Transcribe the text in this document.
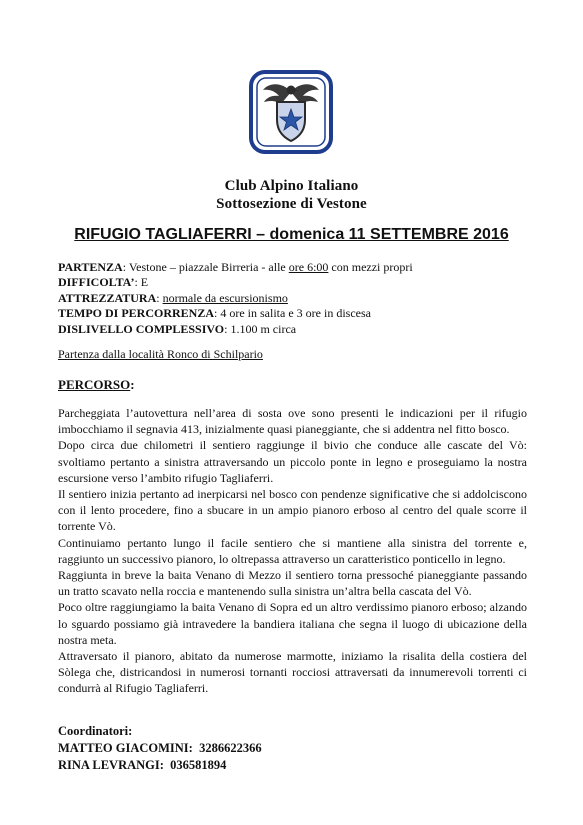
Club Alpino Italiano
Sottosezione di Vestone
RIFUGIO TAGLIAFERRI – domenica 11 SETTEMBRE 2016
PARTENZA: Vestone – piazzale Birreria - alle ore 6:00 con mezzi propri
DIFFICOLTA’: E
ATTREZZATURA: normale da escursionismo
TEMPO DI PERCORRENZA: 4 ore in salita e 3 ore in discesa
DISLIVELLO COMPLESSIVO: 1.100 m circa
Partenza dalla località Ronco di Schilpario
PERCORSO:

Parcheggiata l’autovettura nell’area di sosta ove sono presenti le indicazioni per il rifugio imbocchiamo il segnavia 413, inizialmente quasi pianeggiante, che si addentra nel fitto bosco.

Dopo circa due chilometri il sentiero raggiunge il bivio che conduce alle cascate del Vò: svoltiamo pertanto a sinistra attraversando un piccolo ponte in legno e proseguiamo la nostra escursione verso l’ambito rifugio Tagliaferri.

Il sentiero inizia pertanto ad inerpicarsi nel bosco con pendenze significative che si addolciscono con il lento procedere, fino a sbucare in un ampio pianoro erboso al centro del quale scorre il torrente Vò.

Continuiamo pertanto lungo il facile sentiero che si mantiene alla sinistra del torrente e, raggiunto un successivo pianoro, lo oltrepassa attraverso un caratteristico ponticello in legno.

Raggiunta in breve la baita Venano di Mezzo il sentiero torna pressoché pianeggiante passando un tratto scavato nella roccia e mantenendo sulla sinistra un’altra bella cascata del Vò.

Poco oltre raggiungiamo la baita Venano di Sopra ed un altro verdissimo pianoro erboso; alzando lo sguardo possiamo già intravedere la bandiera italiana che segna il luogo di ubicazione della nostra meta.

Attraversato il pianoro, abitato da numerose marmotte, iniziamo la risalita della costiera del Sòlega che, districandosi in numerosi tornanti rocciosi attraversati da innumerevoli torrenti ci condurrà al Rifugio Tagliaferri.

Coordinatori:
MATTEO GIACOMINI: 3286622366
RINA LEVRANGI: 036581894
